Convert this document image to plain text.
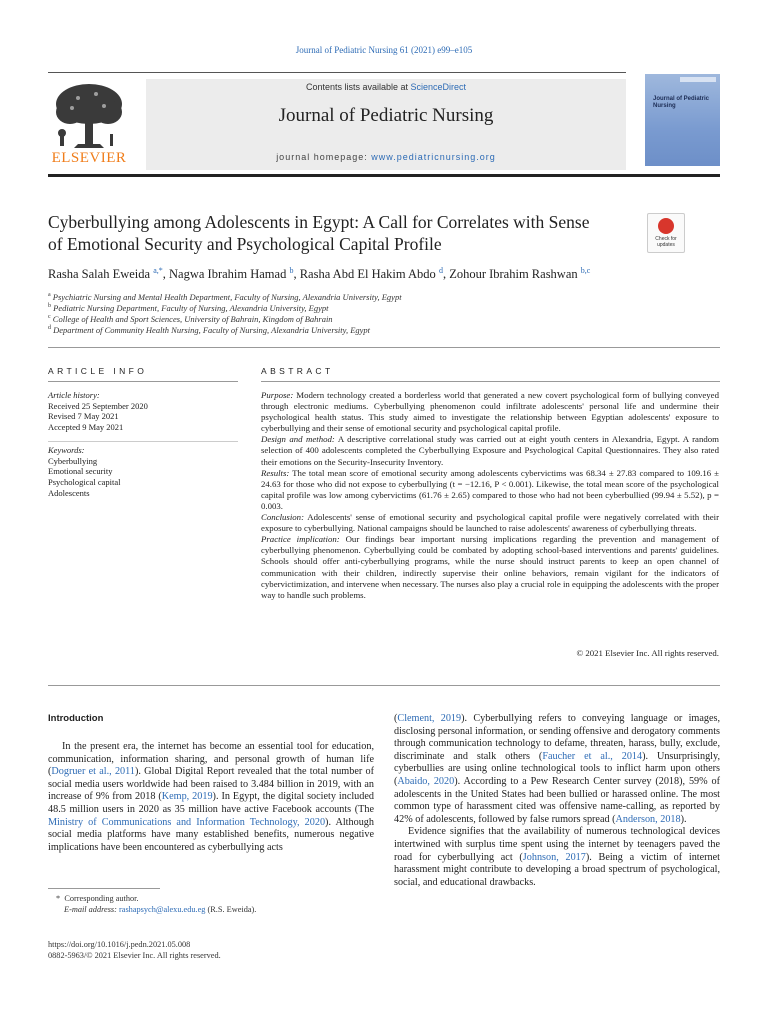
Journal of Pediatric Nursing 61 (2021) e99–e105
Contents lists available at ScienceDirect
Journal of Pediatric Nursing
journal homepage: www.pediatricnursing.org
ELSEVIER
Journal of Pediatric Nursing
Cyberbullying among Adolescents in Egypt: A Call for Correlates with Sense of Emotional Security and Psychological Capital Profile	Check for updates
Rasha Salah Eweida $^{a,*}$, Nagwa Ibrahim Hamad $^b$, Rasha Abd El Hakim Abdo $^d$, Zohour Ibrahim Rashwan $^{b,c}$
$^a$ Psychiatric Nursing and Mental Health Department, Faculty of Nursing, Alexandria University, Egypt
$^b$ Pediatric Nursing Department, Faculty of Nursing, Alexandria University, Egypt
$^c$ College of Health and Sport Sciences, University of Bahrain, Kingdom of Bahrain
$^d$ Department of Community Health Nursing, Faculty of Nursing, Alexandria University, Egypt
ARTICLE INFO
Article history:
Received 25 September 2020
Revised 7 May 2021
Accepted 9 May 2021
Keywords:
Cyberbullying
Emotional security
Psychological capital
Adolescents
ABSTRACT
Purpose: Modern technology created a borderless world that generated a new covert psychological form of bullying conveyed through electronic mediums. Cyberbullying phenomenon could infiltrate adolescents' personal life and undermine their psychological health status. This study aimed to investigate the relationship between Egyptian adolescents' exposure to cyberbullying and their sense of emotional security and psychological capital profile.
Design and method: A descriptive correlational study was carried out at eight youth centers in Alexandria, Egypt. A random selection of 400 adolescents completed the Cyberbullying Exposure and Psychological Capital Questionnaires. They also rated their emotions on the Security-Insecurity Inventory.
Results: The total mean score of emotional security among adolescents cybervictims was 68.34 ± 27.83 compared to 109.16 ± 24.63 for those who did not expose to cyberbullying (t = −12.16, P < 0.001). Likewise, the total mean score of the psychological capital profile was low among cybervictims (61.76 ± 2.65) compared to those who had not been cyberbullied (99.94 ± 5.52), p = 0.003.
Conclusion: Adolescents' sense of emotional security and psychological capital profile were negatively correlated with their exposure to cyberbullying. National campaigns should be launched to raise adolescents' awareness of cyberbullying threats.
Practice implication: Our findings bear important nursing implications regarding the prevention and management of cyberbullying phenomenon. Cyberbullying could be combated by adopting school-based interventions and parents' guidelines. Schools should offer anti-cyberbullying programs, while the nurse should instruct parents to keep an open channel of communication with their children, indirectly supervise their online behaviors, remain vigilant for the indicators of cybervictimization, and intervene when necessary. The nurses also play a crucial role in equipping the adolescents with the proper way to handle such problems.
© 2021 Elsevier Inc. All rights reserved.
Introduction

In the present era, the internet has become an essential tool for education, communication, information sharing, and personal growth of human life (Dogruer et al., 2011). Global Digital Report revealed that the total number of social media users worldwide had been raised to 3.484 billion in 2019, with an increase of 9% from 2018 (Kemp, 2019). In Egypt, the digital society included 48.5 million users in 2020 as 35 million have active Facebook accounts (The Ministry of Communications and Information Technology, 2020). Although social media platforms have many established benefits, numerous negative implications have been encountered as cyberbullying acts

(Clement, 2019). Cyberbullying refers to conveying language or images, disclosing personal information, or sending offensive and derogatory comments through communication technology to defame, threaten, harass, bully, exclude, discriminate and stalk others (Faucher et al., 2014). Unsurprisingly, cyberbullies are using online technological tools to inflict harm upon others (Abaido, 2020). According to a Pew Research Center survey (2018), 59% of adolescents in the United States had been bullied or harassed online. The most common type of harassment cited was offensive name-calling, as reported by 42% of adolescents, followed by false rumors spread (Anderson, 2018).

Evidence signifies that the availability of numerous technological devices intertwined with surplus time spent using the internet by teenagers paved the road for cyberbullying act (Johnson, 2017). Being a victim of internet harassment might contribute to developing a broad spectrum of psychological, social, and educational drawbacks.

* Corresponding author.
E-mail address: rashapsych@alexu.edu.eg (R.S. Eweida).
https://doi.org/10.1016/j.pedn.2021.05.008
0882-5963/© 2021 Elsevier Inc. All rights reserved.
